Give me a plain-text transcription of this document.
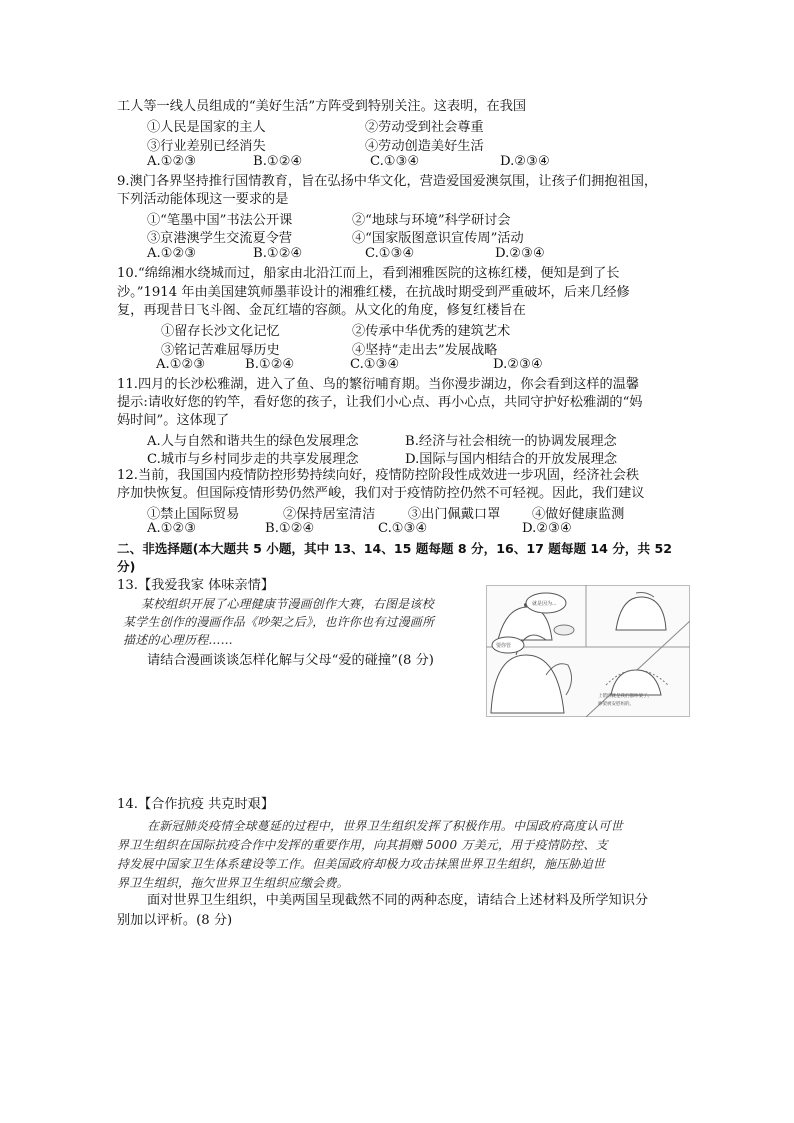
工人等一线人员组成的“美好生活”方阵受到特别关注。这表明，在我国
①人民是国家的主人	②劳动受到社会尊重
③行业差别已经消失	④劳动创造美好生活
A.①②③	B.①②④	C.①③④	D.②③④
9.澳门各界坚持推行国情教育，旨在弘扬中华文化，营造爱国爱澳氛围，让孩子们拥抱祖国，
下列活动能体现这一要求的是
①“笔墨中国”书法公开课	②“地球与环境”科学研讨会
③京港澳学生交流夏令营	④“国家版图意识宣传周”活动
A.①②③	B.①②④	C.①③④	D.②③④
10.“绵绵湘水绕城而过，船家由北沿江而上，看到湘雅医院的这栋红楼，便知是到了长
沙。”1914 年由美国建筑师墨菲设计的湘雅红楼，在抗战时期受到严重破坏，后来几经修
复，再现昔日飞斗阁、金瓦红墙的容颜。从文化的角度，修复红楼旨在
①留存长沙文化记忆	②传承中华优秀的建筑艺术
③铭记苦难屈辱历史	④坚持“走出去”发展战略
A.①②③	B.①②④	C.①③④	D.②③④
11.四月的长沙松雅湖，进入了鱼、鸟的繁衍哺育期。当你漫步湖边，你会看到这样的温馨
提示:请收好您的钓竿，看好您的孩子，让我们小心点、再小心点，共同守护好松雅湖的“妈
妈时间”。这体现了
A.人与自然和谐共生的绿色发展理念	B.经济与社会相统一的协调发展理念
C.城市与乡村同步走的共享发展理念	D.国际与国内相结合的开放发展理念
12.当前，我国国内疫情防控形势持续向好，疫情防控阶段性成效进一步巩固，经济社会秩
序加快恢复。但国际疫情形势仍然严峻，我们对于疫情防控仍然不可轻视。因此，我们建议
①禁止国际贸易	②保持居室清洁 ③出门佩戴口罩 ④做好健康监测
A.①②③	B.①②④	C.①③④	D.②③④
二、非选择题(本大题共 5 小题，其中 13、14、15 题每题 8 分，16、17 题每题 14 分，共 52
分)
13.【我爱我家 体味亲情】
某校组织开展了心理健康节漫画创作大赛，右图是该校
某学生创作的漫画作品《吵架之后》，也许你也有过漫画所
描述的心理历程……
请结合漫画谈谈怎样化解与父母“爱的碰撞”(8 分)
就是因为...
要你管
上错班就是我们都吵架了。
吵架被安慰妈的。
14.【合作抗疫 共克时艰】
在新冠肺炎疫情全球蔓延的过程中，世界卫生组织发挥了积极作用。中国政府高度认可世
界卫生组织在国际抗疫合作中发挥的重要作用，向其捐赠 5000 万美元，用于疫情防控、支
持发展中国家卫生体系建设等工作。但美国政府却极力攻击抹黑世界卫生组织，施压胁迫世
界卫生组织，拖欠世界卫生组织应缴会费。
面对世界卫生组织，中美两国呈现截然不同的两种态度，请结合上述材料及所学知识分
别加以评析。(8 分)
